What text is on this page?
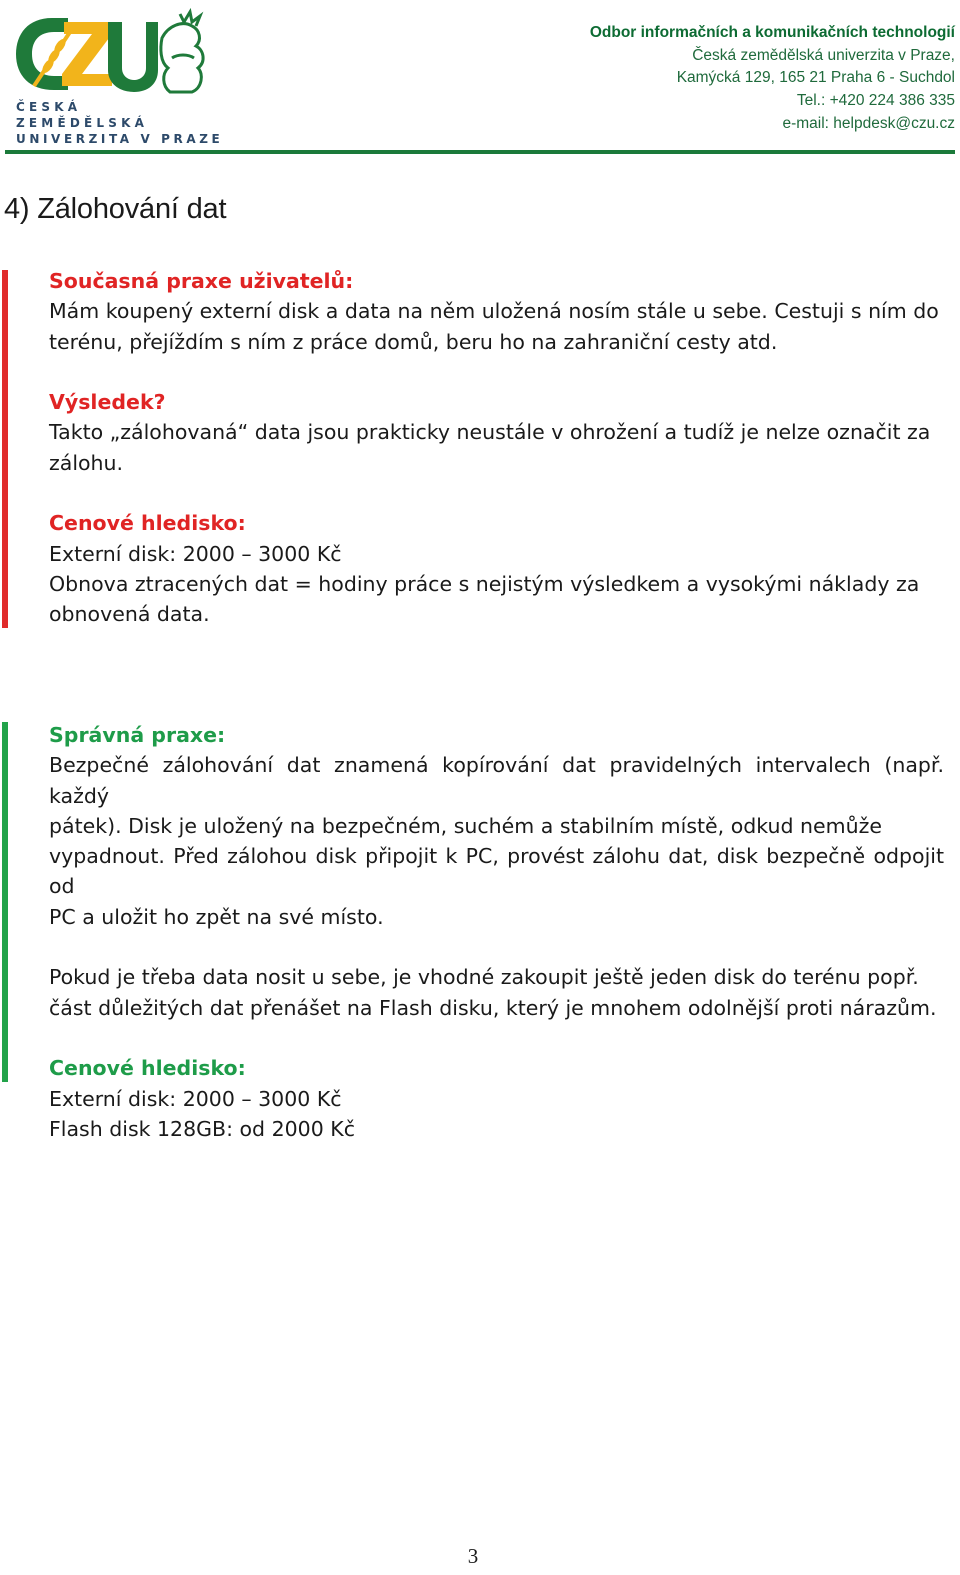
ČESKÁ
ZEMĚDĚLSKÁ
UNIVERZITA V PRAZE
Odbor informačních a komunikačních technologií
Česká zemědělská univerzita v Praze,
Kamýcká 129, 165 21 Praha 6 - Suchdol
Tel.: +420 224 386 335
e-mail: helpdesk@czu.cz
4) Zálohování dat
Současná praxe uživatelů:
Mám koupený externí disk a data na něm uložená nosím stále u sebe. Cestuji s ním do
terénu, přejíždím s ním z práce domů, beru ho na zahraniční cesty atd.
Výsledek?
Takto „zálohovaná“ data jsou prakticky neustále v ohrožení a tudíž je nelze označit za
zálohu.
Cenové hledisko:
Externí disk: 2000 – 3000 Kč
Obnova ztracených dat = hodiny práce s nejistým výsledkem a vysokými náklady za
obnovená data.
Správná praxe:
Bezpečné zálohování dat znamená kopírování dat pravidelných intervalech (např. každý
pátek). Disk je uložený na bezpečném, suchém a stabilním místě, odkud nemůže
vypadnout. Před zálohou disk připojit k PC, provést zálohu dat, disk bezpečně odpojit od
PC a uložit ho zpět na své místo.
Pokud je třeba data nosit u sebe, je vhodné zakoupit ještě jeden disk do terénu popř.
část důležitých dat přenášet na Flash disku, který je mnohem odolnější proti nárazům.
Cenové hledisko:
Externí disk: 2000 – 3000 Kč
Flash disk 128GB: od 2000 Kč
3
